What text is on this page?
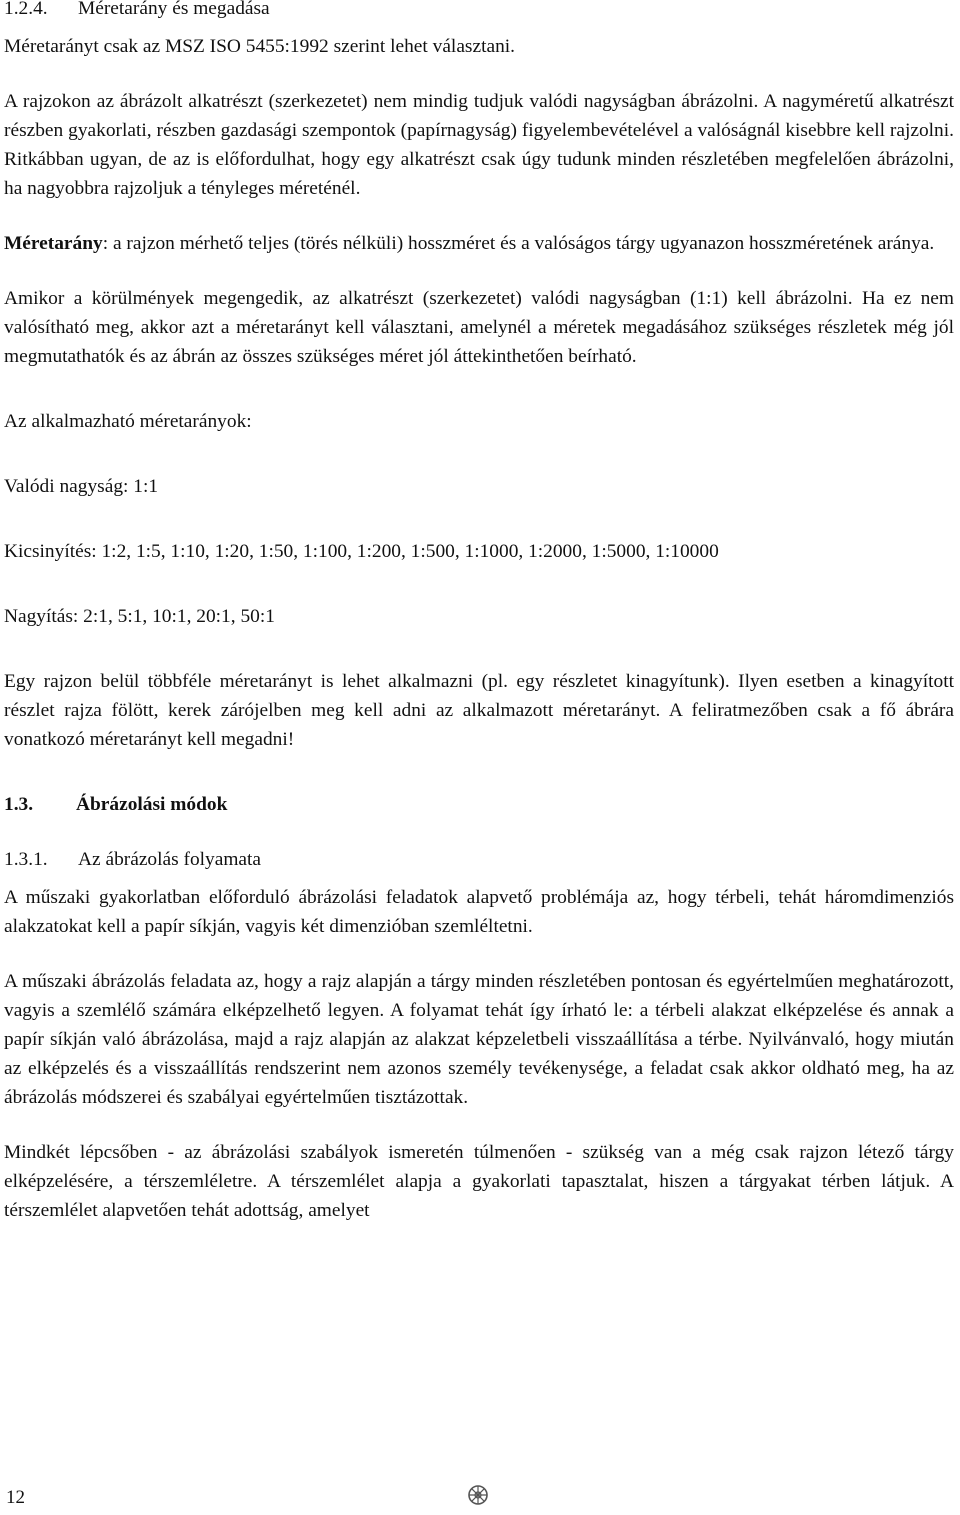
1.2.4. Méretarány és megadása

Méretarányt csak az MSZ ISO 5455:1992 szerint lehet választani.

A rajzokon az ábrázolt alkatrészt (szerkezetet) nem mindig tudjuk valódi nagyságban ábrázolni. A nagyméretű alkatrészt részben gyakorlati, részben gazdasági szempontok (papírnagyság) figyelembevételével a valóságnál kisebbre kell rajzolni. Ritkábban ugyan, de az is előfordulhat, hogy egy alkatrészt csak úgy tudunk minden részletében megfelelően ábrázolni, ha nagyobbra rajzoljuk a tényleges méreténél.

Méretarány: a rajzon mérhető teljes (törés nélküli) hosszméret és a valóságos tárgy ugyanazon hosszméretének aránya.

Amikor a körülmények megengedik, az alkatrészt (szerkezetet) valódi nagyságban (1:1) kell ábrázolni. Ha ez nem valósítható meg, akkor azt a méretarányt kell választani, amelynél a méretek megadásához szükséges részletek még jól megmutathatók és az ábrán az összes szükséges méret jól áttekinthetően beírható.

Az alkalmazható méretarányok:

Valódi nagyság: 1:1

Kicsinyítés: 1:2, 1:5, 1:10, 1:20, 1:50, 1:100, 1:200, 1:500, 1:1000, 1:2000, 1:5000, 1:10000

Nagyítás: 2:1, 5:1, 10:1, 20:1, 50:1

Egy rajzon belül többféle méretarányt is lehet alkalmazni (pl. egy részletet kinagyítunk). Ilyen esetben a kinagyított részlet rajza fölött, kerek zárójelben meg kell adni az alkalmazott méretarányt. A feliratmezőben csak a fő ábrára vonatkozó méretarányt kell megadni!

1.3. Ábrázolási módok
1.3.1. Az ábrázolás folyamata

A műszaki gyakorlatban előforduló ábrázolási feladatok alapvető problémája az, hogy térbeli, tehát háromdimenziós alakzatokat kell a papír síkján, vagyis két dimenzióban szemléltetni.

A műszaki ábrázolás feladata az, hogy a rajz alapján a tárgy minden részletében pontosan és egyértelműen meghatározott, vagyis a szemlélő számára elképzelhető legyen. A folyamat tehát így írható le: a térbeli alakzat elképzelése és annak a papír síkján való ábrázolása, majd a rajz alapján az alakzat képzeletbeli visszaállítása a térbe. Nyilvánvaló, hogy miután az elképzelés és a visszaállítás rendszerint nem azonos személy tevékenysége, a feladat csak akkor oldható meg, ha az ábrázolás módszerei és szabályai egyértelműen tisztázottak.

Mindkét lépcsőben - az ábrázolási szabályok ismeretén túlmenően - szükség van a még csak rajzon létező tárgy elképzelésére, a térszemléletre. A térszemlélet alapja a gyakorlati tapasztalat, hiszen a tárgyakat térben látjuk. A térszemlélet alapvetően tehát adottság, amelyet

12
